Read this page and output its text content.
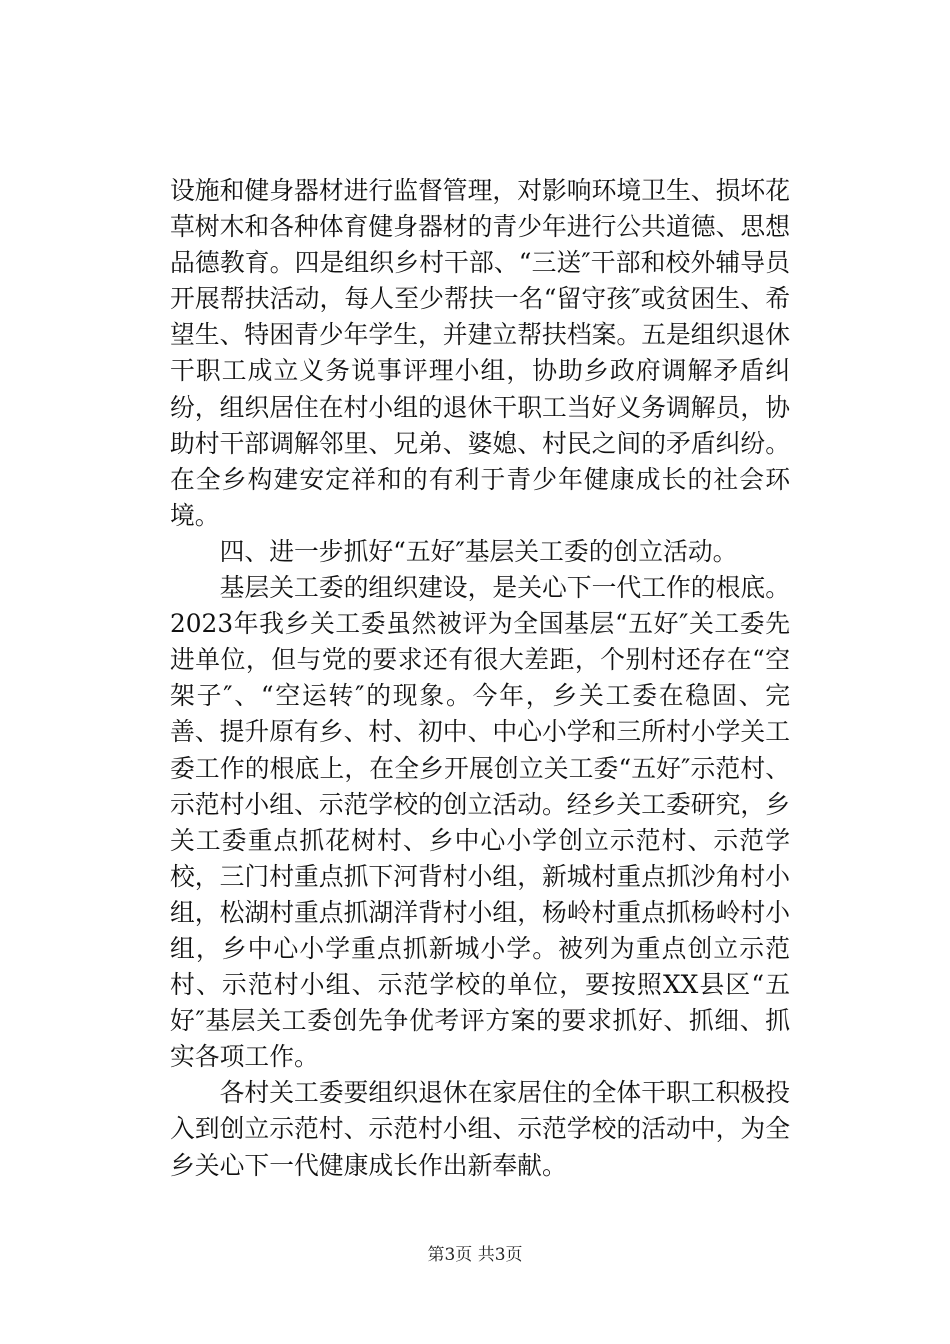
设施和健身器材进行监督管理，对影响环境卫生、损坏花草树木和各种体育健身器材的青少年进行公共道德、思想品德教育。四是组织乡村干部、“三送″干部和校外辅导员开展帮扶活动，每人至少帮扶一名“留守孩″或贫困生、希望生、特困青少年学生，并建立帮扶档案。五是组织退休干职工成立义务说事评理小组，协助乡政府调解矛盾纠纷，组织居住在村小组的退休干职工当好义务调解员，协助村干部调解邻里、兄弟、婆媳、村民之间的矛盾纠纷。在全乡构建安定祥和的有利于青少年健康成长的社会环境。

四、进一步抓好“五好″基层关工委的创立活动。

基层关工委的组织建设，是关心下一代工作的根底。2023年我乡关工委虽然被评为全国基层“五好″关工委先进单位，但与党的要求还有很大差距，个别村还存在“空架子″、“空运转″的现象。今年，乡关工委在稳固、完善、提升原有乡、村、初中、中心小学和三所村小学关工委工作的根底上，在全乡开展创立关工委“五好″示范村、示范村小组、示范学校的创立活动。经乡关工委研究，乡关工委重点抓花树村、乡中心小学创立示范村、示范学校，三门村重点抓下河背村小组，新城村重点抓沙角村小组，松湖村重点抓湖洋背村小组，杨岭村重点抓杨岭村小组，乡中心小学重点抓新城小学。被列为重点创立示范村、示范村小组、示范学校的单位，要按照XX县区“五好″基层关工委创先争优考评方案的要求抓好、抓细、抓实各项工作。

各村关工委要组织退休在家居住的全体干职工积极投入到创立示范村、示范村小组、示范学校的活动中，为全乡关心下一代健康成长作出新奉献。

第3页 共3页
